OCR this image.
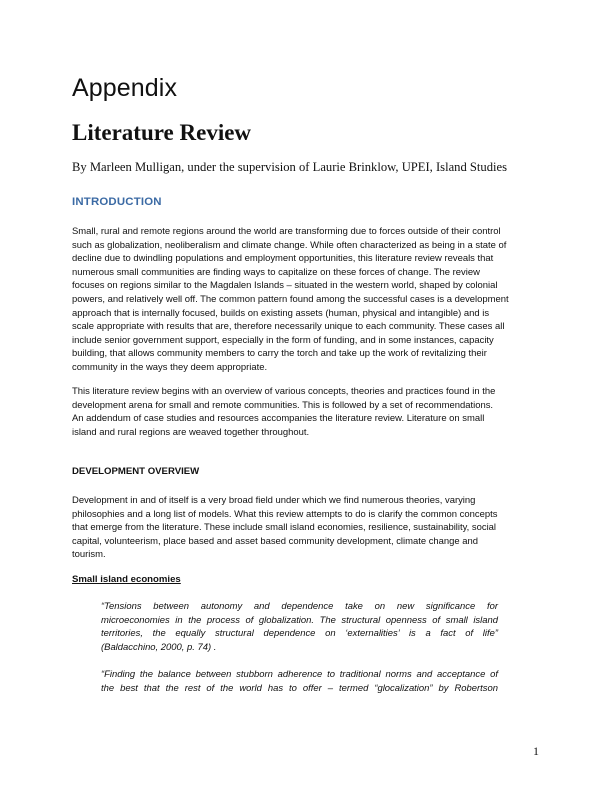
Appendix
Literature Review

By Marleen Mulligan, under the supervision of Laurie Brinklow, UPEI, Island Studies

INTRODUCTION
Small, rural and remote regions around the world are transforming due to forces outside of their control
such as globalization, neoliberalism and climate change. While often characterized as being in a state of
decline due to dwindling populations and employment opportunities, this literature review reveals that
numerous small communities are finding ways to capitalize on these forces of change. The review
focuses on regions similar to the Magdalen Islands – situated in the western world, shaped by colonial
powers, and relatively well off. The common pattern found among the successful cases is a development
approach that is internally focused, builds on existing assets (human, physical and intangible) and is
scale appropriate with results that are, therefore necessarily unique to each community. These cases all
include senior government support, especially in the form of funding, and in some instances, capacity
building, that allows community members to carry the torch and take up the work of revitalizing their
community in the ways they deem appropriate.
This literature review begins with an overview of various concepts, theories and practices found in the
development arena for small and remote communities. This is followed by a set of recommendations.
An addendum of case studies and resources accompanies the literature review. Literature on small
island and rural regions are weaved together throughout.
DEVELOPMENT OVERVIEW
Development in and of itself is a very broad field under which we find numerous theories, varying
philosophies and a long list of models. What this review attempts to do is clarify the common concepts
that emerge from the literature. These include small island economies, resilience, sustainability, social
capital, volunteerism, place based and asset based community development, climate change and
tourism.
Small island economies
“Tensions between autonomy and dependence take on new significance for
microeconomies in the process of globalization. The structural openness of small island
territories, the equally structural dependence on ‘externalities’ is a fact of life”
(Baldacchino, 2000, p. 74) .
“Finding the balance between stubborn adherence to traditional norms and acceptance of
the best that the rest of the world has to offer – termed “glocalization” by Robertson
1
